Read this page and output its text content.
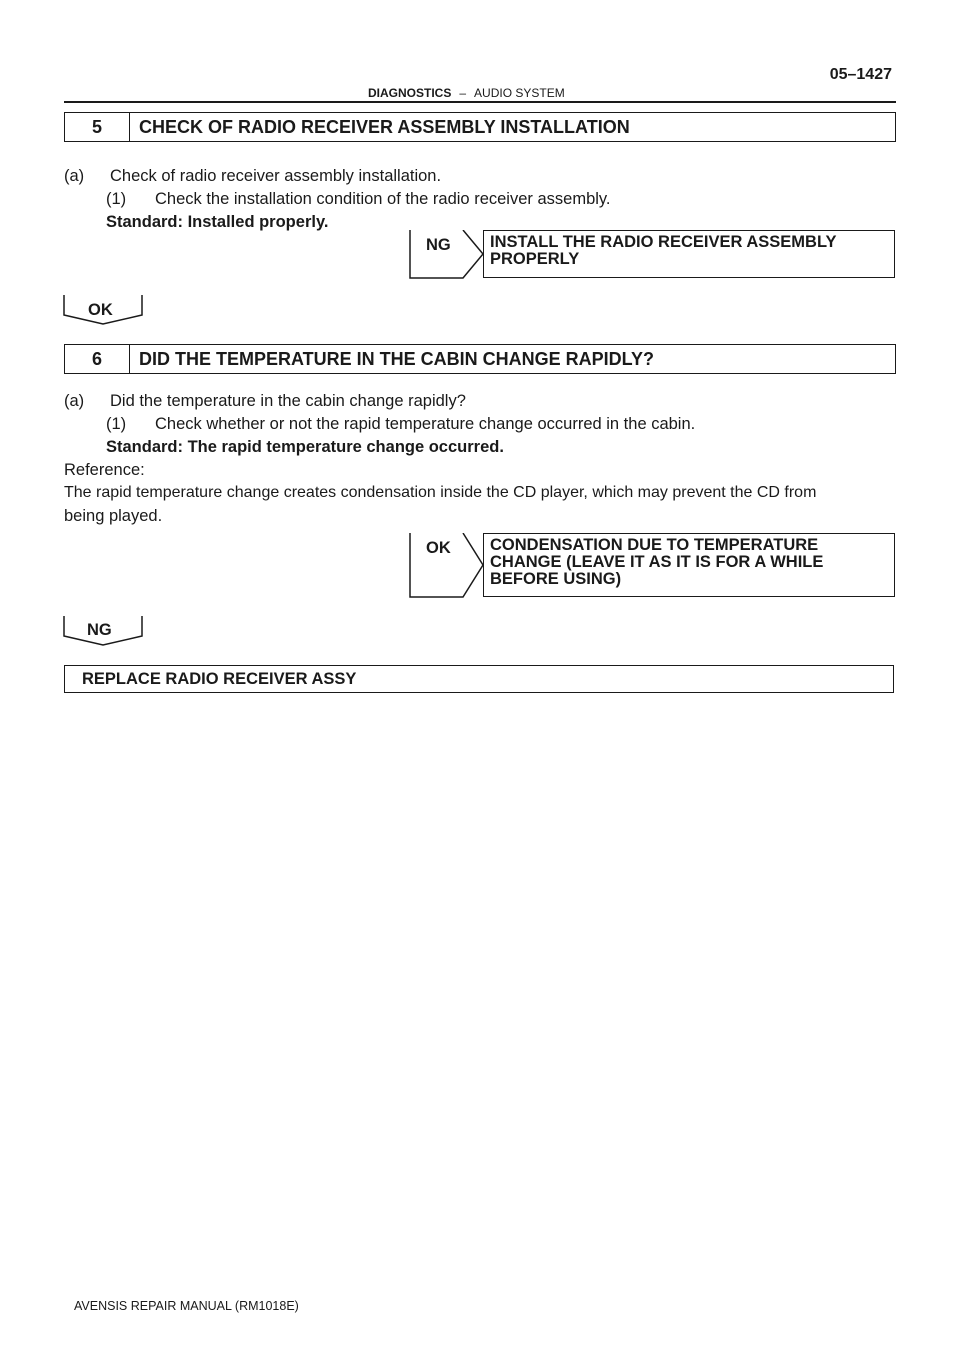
DIAGNOSTICS – AUDIO SYSTEM
05–1427
5	CHECK OF RADIO RECEIVER ASSEMBLY INSTALLATION
(a) Check of radio receiver assembly installation.
(1) Check the installation condition of the radio receiver assembly.
Standard: Installed properly.
NG INSTALL THE RADIO RECEIVER ASSEMBLY
PROPERLY
OK
6	DID THE TEMPERATURE IN THE CABIN CHANGE RAPIDLY?
(a) Did the temperature in the cabin change rapidly?
(1) Check whether or not the rapid temperature change occurred in the cabin.
Standard: The rapid temperature change occurred.
Reference:
The rapid temperature change creates condensation inside the CD player, which may prevent the CD from
being played.
OK CONDENSATION DUE TO TEMPERATURE
CHANGE (LEAVE IT AS IT IS FOR A WHILE
BEFORE USING)
NG
REPLACE RADIO RECEIVER ASSY
AVENSIS REPAIR MANUAL (RM1018E)
